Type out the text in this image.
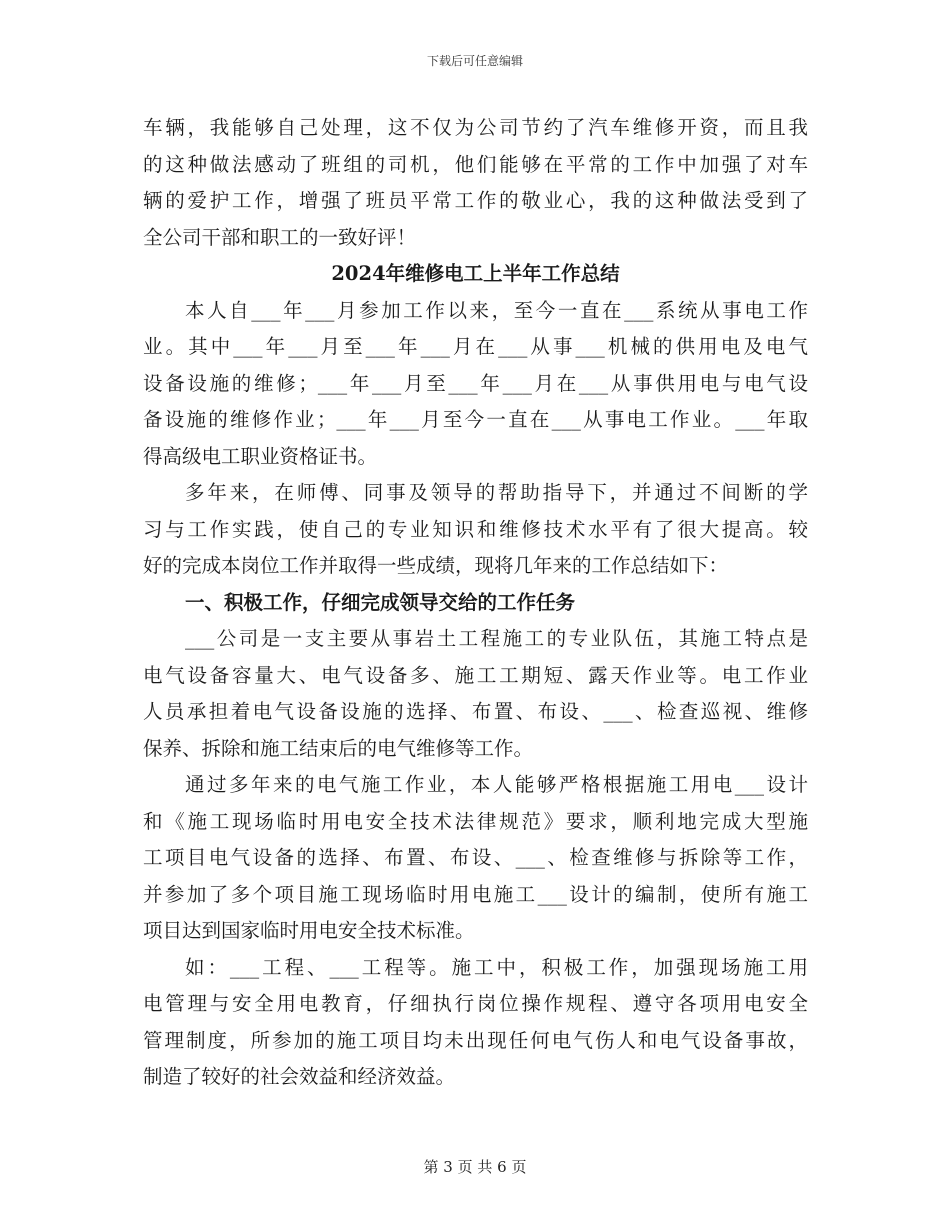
下载后可任意编辑
车辆，我能够自己处理，这不仅为公司节约了汽车维修开资，而且我
的这种做法感动了班组的司机，他们能够在平常的工作中加强了对车
辆的爱护工作，增强了班员平常工作的敬业心，我的这种做法受到了
全公司干部和职工的一致好评！
2024年维修电工上半年工作总结
本人自___年___月参加工作以来，至今一直在___系统从事电工作
业。其中___年___月至___年___月在___从事___机械的供用电及电气
设备设施的维修；___年___月至___年___月在___从事供用电与电气设
备设施的维修作业；___年___月至今一直在___从事电工作业。___年取
得高级电工职业资格证书。
多年来，在师傅、同事及领导的帮助指导下，并通过不间断的学
习与工作实践，使自己的专业知识和维修技术水平有了很大提高。较
好的完成本岗位工作并取得一些成绩，现将几年来的工作总结如下：
一、积极工作，仔细完成领导交给的工作任务
___公司是一支主要从事岩土工程施工的专业队伍，其施工特点是
电气设备容量大、电气设备多、施工工期短、露天作业等。电工作业
人员承担着电气设备设施的选择、布置、布设、___、检查巡视、维修
保养、拆除和施工结束后的电气维修等工作。
通过多年来的电气施工作业，本人能够严格根据施工用电___设计
和《施工现场临时用电安全技术法律规范》要求，顺利地完成大型施
工项目电气设备的选择、布置、布设、___、检查维修与拆除等工作，
并参加了多个项目施工现场临时用电施工___设计的编制，使所有施工
项目达到国家临时用电安全技术标准。
如：___工程、___工程等。施工中，积极工作，加强现场施工用
电管理与安全用电教育，仔细执行岗位操作规程、遵守各项用电安全
管理制度，所参加的施工项目均未出现任何电气伤人和电气设备事故，
制造了较好的社会效益和经济效益。
第 3 页 共 6 页
